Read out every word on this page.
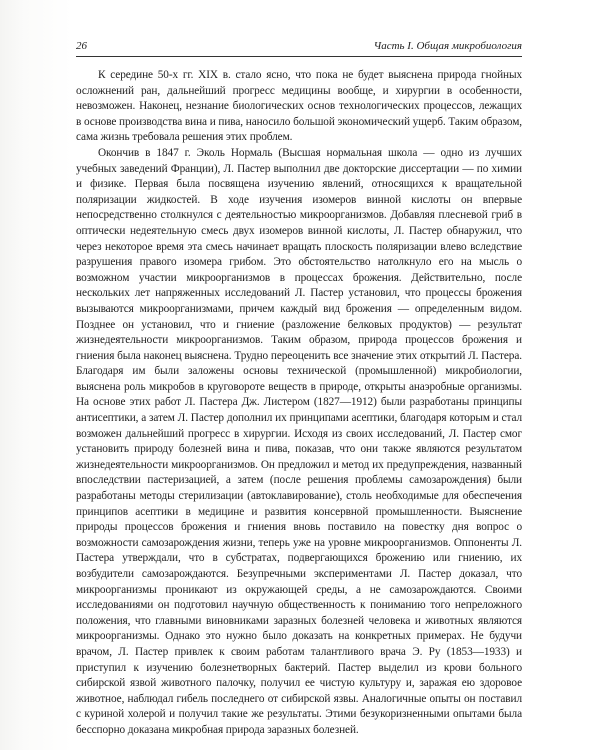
26	Часть I. Общая микробиология

К середине 50-х гг. XIX в. стало ясно, что пока не будет выяснена природа гнойных осложнений ран, дальнейший прогресс медицины вообще, и хирургии в особенности, невозможен. Наконец, незнание биологических основ технологических процессов, лежащих в основе производства вина и пива, наносило большой экономический ущерб. Таким образом, сама жизнь требовала решения этих проблем.

Окончив в 1847 г. Эколь Нормаль (Высшая нормальная школа — одно из лучших учебных заведений Франции), Л. Пастер выполнил две докторские диссертации — по химии и физике. Первая была посвящена изучению явлений, относящихся к вращательной поляризации жидкостей. В ходе изучения изомеров винной кислоты он впервые непосредственно столкнулся с деятельностью микроорганизмов. Добавляя плесневой гриб в оптически недеятельную смесь двух изомеров винной кислоты, Л. Пастер обнаружил, что через некоторое время эта смесь начинает вращать плоскость поляризации влево вследствие разрушения правого изомера грибом. Это обстоятельство натолкнуло его на мысль о возможном участии микроорганизмов в процессах брожения. Действительно, после нескольких лет напряженных исследований Л. Пастер установил, что процессы брожения вызываются микроорганизмами, причем каждый вид брожения — определенным видом. Позднее он установил, что и гниение (разложение белковых продуктов) — результат жизнедеятельности микроорганизмов. Таким образом, природа процессов брожения и гниения была наконец выяснена. Трудно переоценить все значение этих открытий Л. Пастера. Благодаря им были заложены основы технической (промышленной) микробиологии, выяснена роль микробов в круговороте веществ в природе, открыты анаэробные организмы. На основе этих работ Л. Пастера Дж. Листером (1827—1912) были разработаны принципы антисептики, а затем Л. Пастер дополнил их принципами асептики, благодаря которым и стал возможен дальнейший прогресс в хирургии. Исходя из своих исследований, Л. Пастер смог установить природу болезней вина и пива, показав, что они также являются результатом жизнедеятельности микроорганизмов. Он предложил и метод их предупреждения, названный впоследствии пастеризацией, а затем (после решения проблемы самозарождения) были разработаны методы стерилизации (автоклавирование), столь необходимые для обеспечения принципов асептики в медицине и развития консервной промышленности. Выяснение природы процессов брожения и гниения вновь поставило на повестку дня вопрос о возможности самозарождения жизни, теперь уже на уровне микроорганизмов. Оппоненты Л. Пастера утверждали, что в субстратах, подвергающихся брожению или гниению, их возбудители самозарождаются. Безупречными экспериментами Л. Пастер доказал, что микроорганизмы проникают из окружающей среды, а не самозарождаются. Своими исследованиями он подготовил научную общественность к пониманию того непреложного положения, что главными виновниками заразных болезней человека и животных являются микроорганизмы. Однако это нужно было доказать на конкретных примерах. Не будучи врачом, Л. Пастер привлек к своим работам талантливого врача Э. Ру (1853—1933) и приступил к изучению болезнетворных бактерий. Пастер выделил из крови больного сибирской язвой животного палочку, получил ее чистую культуру и, заражая ею здоровое животное, наблюдал гибель последнего от сибирской язвы. Аналогичные опыты он поставил с куриной холерой и получил такие же результаты. Этими безукоризненными опытами была бесспорно доказана микробная природа заразных болезней.
